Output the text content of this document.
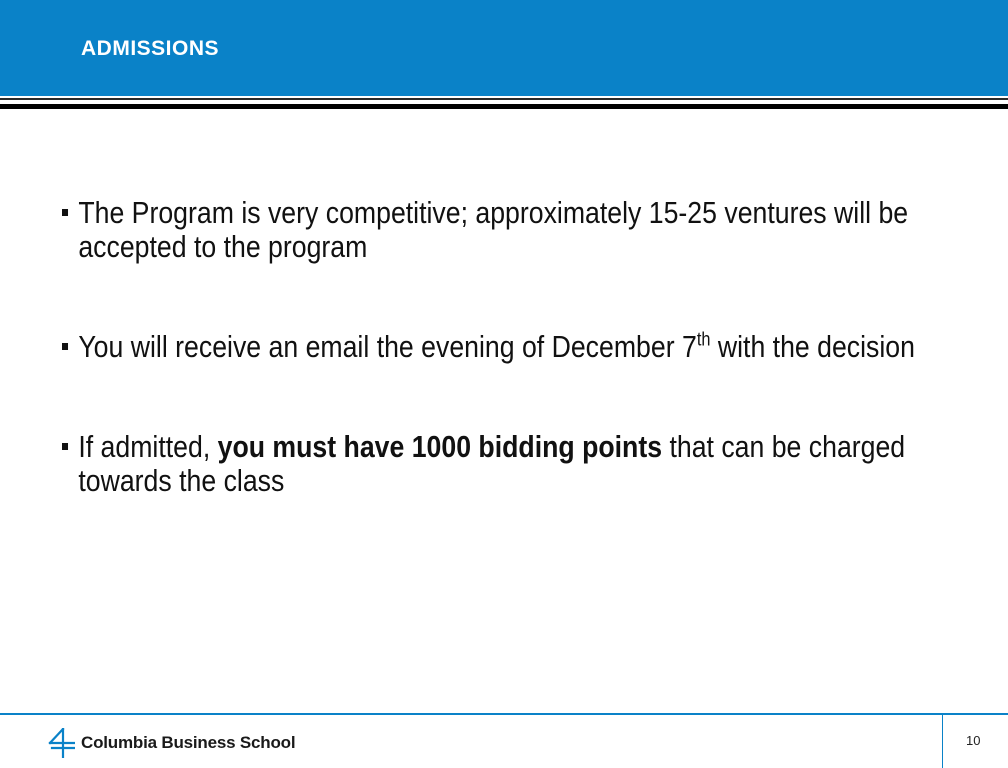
ADMISSIONS
The Program is very competitive; approximately 15-25 ventures will be accepted to the program
You will receive an email the evening of December 7th with the decision
If admitted, you must have 1000 bidding points that can be charged towards the class
Columbia Business School	10
